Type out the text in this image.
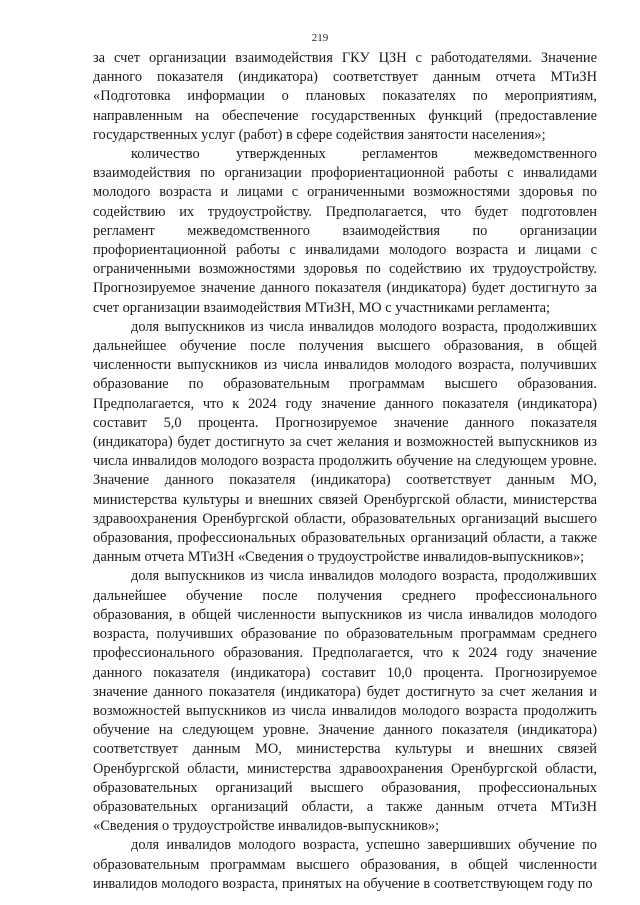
219

за счет организации взаимодействия ГКУ ЦЗН с работодателями. Значение данного показателя (индикатора) соответствует данным отчета МТиЗН «Подготовка информации о плановых показателях по мероприятиям, направленным на обеспечение государственных функций (предоставление государственных услуг (работ) в сфере содействия занятости населения»;

количество утвержденных регламентов межведомственного взаимодействия по организации профориентационной работы с инвалидами молодого возраста и лицами с ограниченными возможностями здоровья по содействию их трудоустройству. Предполагается, что будет подготовлен регламент межведомственного взаимодействия по организации профориентационной работы с инвалидами молодого возраста и лицами с ограниченными возможностями здоровья по содействию их трудоустройству. Прогнозируемое значение данного показателя (индикатора) будет достигнуто за счет организации взаимодействия МТиЗН, МО с участниками регламента;

доля выпускников из числа инвалидов молодого возраста, продолживших дальнейшее обучение после получения высшего образования, в общей численности выпускников из числа инвалидов молодого возраста, получивших образование по образовательным программам высшего образования. Предполагается, что к 2024 году значение данного показателя (индикатора) составит 5,0 процента. Прогнозируемое значение данного показателя (индикатора) будет достигнуто за счет желания и возможностей выпускников из числа инвалидов молодого возраста продолжить обучение на следующем уровне. Значение данного показателя (индикатора) соответствует данным МО, министерства культуры и внешних связей Оренбургской области, министерства здравоохранения Оренбургской области, образовательных организаций высшего образования, профессиональных образовательных организаций области, а также данным отчета МТиЗН «Сведения о трудоустройстве инвалидов-выпускников»;

доля выпускников из числа инвалидов молодого возраста, продолживших дальнейшее обучение после получения среднего профессионального образования, в общей численности выпускников из числа инвалидов молодого возраста, получивших образование по образовательным программам среднего профессионального образования. Предполагается, что к 2024 году значение данного показателя (индикатора) составит 10,0 процента. Прогнозируемое значение данного показателя (индикатора) будет достигнуто за счет желания и возможностей выпускников из числа инвалидов молодого возраста продолжить обучение на следующем уровне. Значение данного показателя (индикатора) соответствует данным МО, министерства культуры и внешних связей Оренбургской области, министерства здравоохранения Оренбургской области, образовательных организаций высшего образования, профессиональных образовательных организаций области, а также данным отчета МТиЗН «Сведения о трудоустройстве инвалидов-выпускников»;

доля инвалидов молодого возраста, успешно завершивших обучение по образовательным программам высшего образования, в общей численности инвалидов молодого возраста, принятых на обучение в соответствующем году по
